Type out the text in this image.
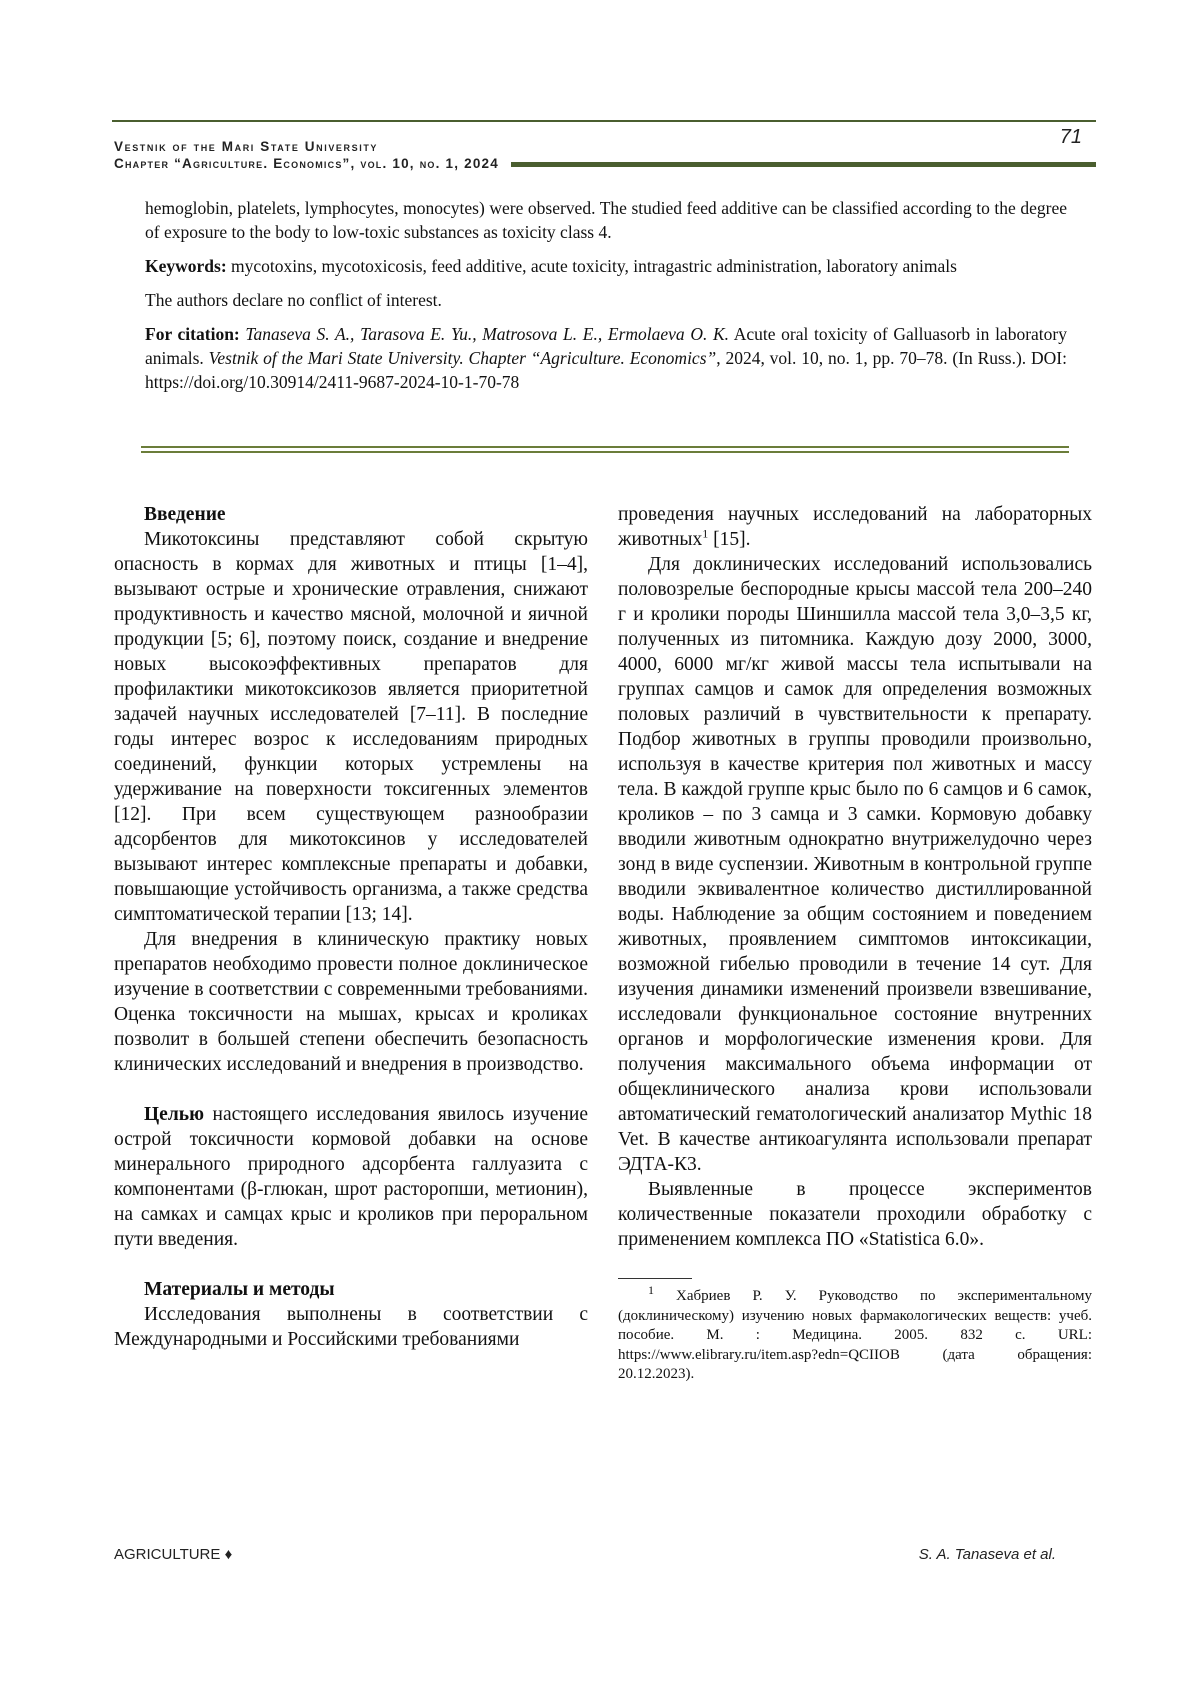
Vestnik of the Mari State University
Chapter “Agriculture. Economics”, vol. 10, no. 1, 2024
71

hemoglobin, platelets, lymphocytes, monocytes) were observed. The studied feed additive can be classified according to the degree of exposure to the body to low-toxic substances as toxicity class 4.

Keywords: mycotoxins, mycotoxicosis, feed additive, acute toxicity, intragastric administration, laboratory animals

The authors declare no conflict of interest.

For citation: Tanaseva S. A., Tarasova E. Yu., Matrosova L. E., Ermolaeva O. K. Acute oral toxicity of Galluasorb in laboratory animals. Vestnik of the Mari State University. Chapter “Agriculture. Economics”, 2024, vol. 10, no. 1, pp. 70–78. (In Russ.). DOI: https://doi.org/10.30914/2411-9687-2024-10-1-70-78

Введение

Микотоксины представляют собой скрытую опасность в кормах для животных и птицы [1–4], вызывают острые и хронические отравления, снижают продуктивность и качество мясной, молочной и яичной продукции [5; 6], поэтому поиск, создание и внедрение новых высокоэффективных препаратов для профилактики микотоксикозов является приоритетной задачей научных исследователей [7–11]. В последние годы интерес возрос к исследованиям природных соединений, функции которых устремлены на удерживание на поверхности токсигенных элементов [12]. При всем существующем разнообразии адсорбентов для микотоксинов у исследователей вызывают интерес комплексные препараты и добавки, повышающие устойчивость организма, а также средства симптоматической терапии [13; 14].

Для внедрения в клиническую практику новых препаратов необходимо провести полное доклиническое изучение в соответствии с современными требованиями. Оценка токсичности на мышах, крысах и кроликах позволит в большей степени обеспечить безопасность клинических исследований и внедрения в производство.

Целью настоящего исследования явилось изучение острой токсичности кормовой добавки на основе минерального природного адсорбента галлуазита с компонентами (β-глюкан, шрот расторопши, метионин), на самках и самцах крыс и кроликов при пероральном пути введения.

Материалы и методы

Исследования выполнены в соответствии с Международными и Российскими требованиями

проведения научных исследований на лабораторных животных$^1$ [15].

Для доклинических исследований использовались половозрелые беспородные крысы массой тела 200–240 г и кролики породы Шиншилла массой тела 3,0–3,5 кг, полученных из питомника. Каждую дозу 2000, 3000, 4000, 6000 мг/кг живой массы тела испытывали на группах самцов и самок для определения возможных половых различий в чувствительности к препарату. Подбор животных в группы проводили произвольно, используя в качестве критерия пол животных и массу тела. В каждой группе крыс было по 6 самцов и 6 самок, кроликов – по 3 самца и 3 самки. Кормовую добавку вводили животным однократно внутрижелудочно через зонд в виде суспензии. Животным в контрольной группе вводили эквивалентное количество дистиллированной воды. Наблюдение за общим состоянием и поведением животных, проявлением симптомов интоксикации, возможной гибелью проводили в течение 14 сут. Для изучения динамики изменений произвели взвешивание, исследовали функциональное состояние внутренних органов и морфологические изменения крови. Для получения максимального объема информации от общеклинического анализа крови использовали автоматический гематологический анализатор Mythic 18 Vet. В качестве антикоагулянта использовали препарат ЭДТА-К3.

Выявленные в процессе экспериментов количественные показатели проходили обработку с применением комплекса ПО «Statistica 6.0».

$^1$ Хабриев Р. У. Руководство по экспериментальному (доклиническому) изучению новых фармакологических веществ: учеб. пособие. М. : Медицина. 2005. 832 с. URL: https://www.elibrary.ru/item.asp?edn=QCIIOB (дата обращения: 20.12.2023).

AGRICULTURE ♦	S. A. Tanaseva et al.
